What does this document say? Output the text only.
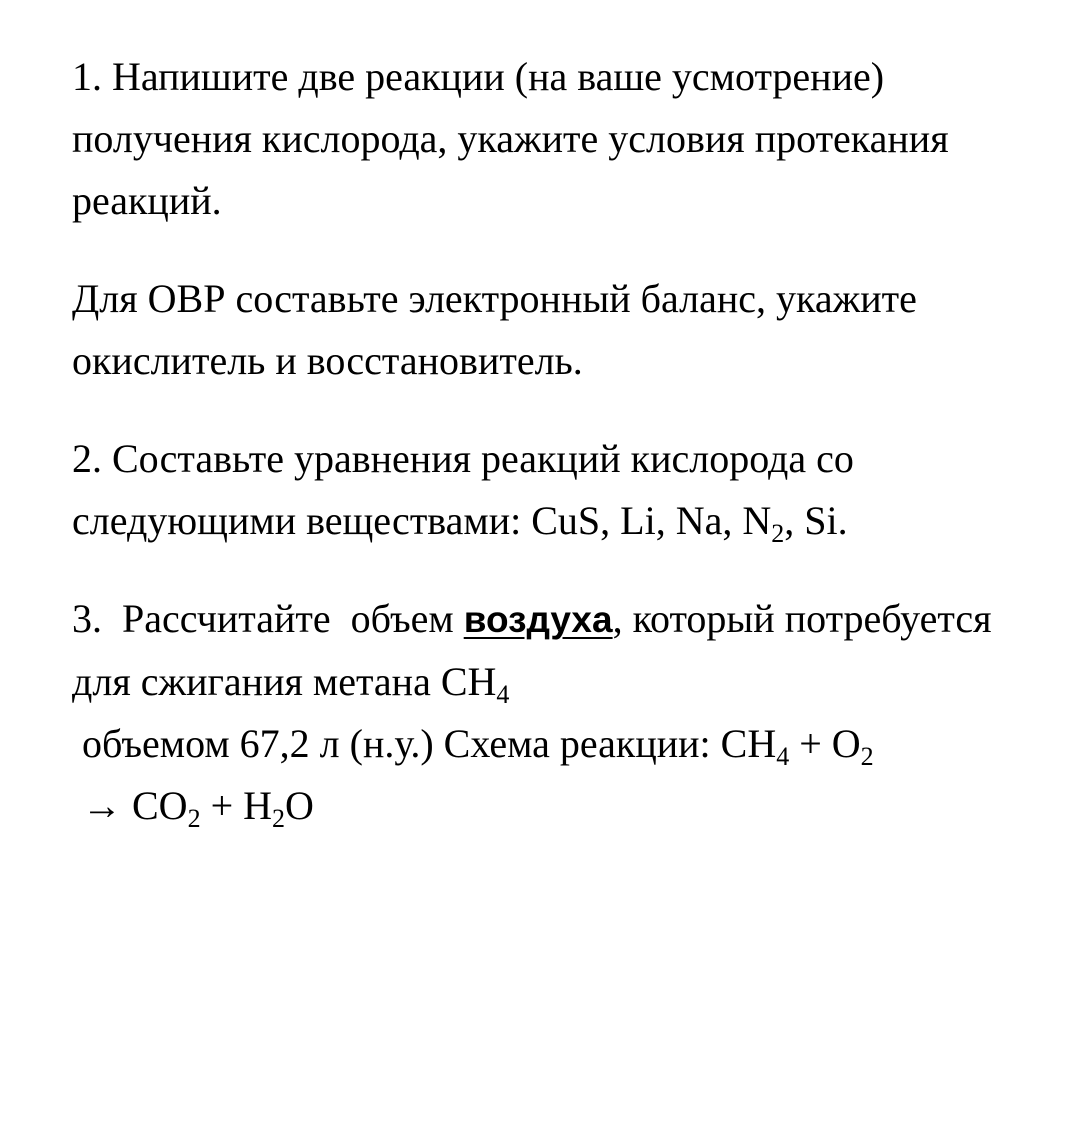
1. Напишите две реакции (на ваше усмотрение) получения кислорода, укажите условия протекания реакций.

Для ОВР составьте электронный баланс, укажите окислитель и восстановитель.

2. Составьте уравнения реакций кислорода со следующими веществами: CuS, Li, Na, $N_2$, Si.

3. Рассчитайте объем воздуха, который потребуется для сжигания метана $CH_4$ объемом 67,2 л (н.у.) Схема реакции: $CH_4 + O_2 \to CO_2 + H_2O$
